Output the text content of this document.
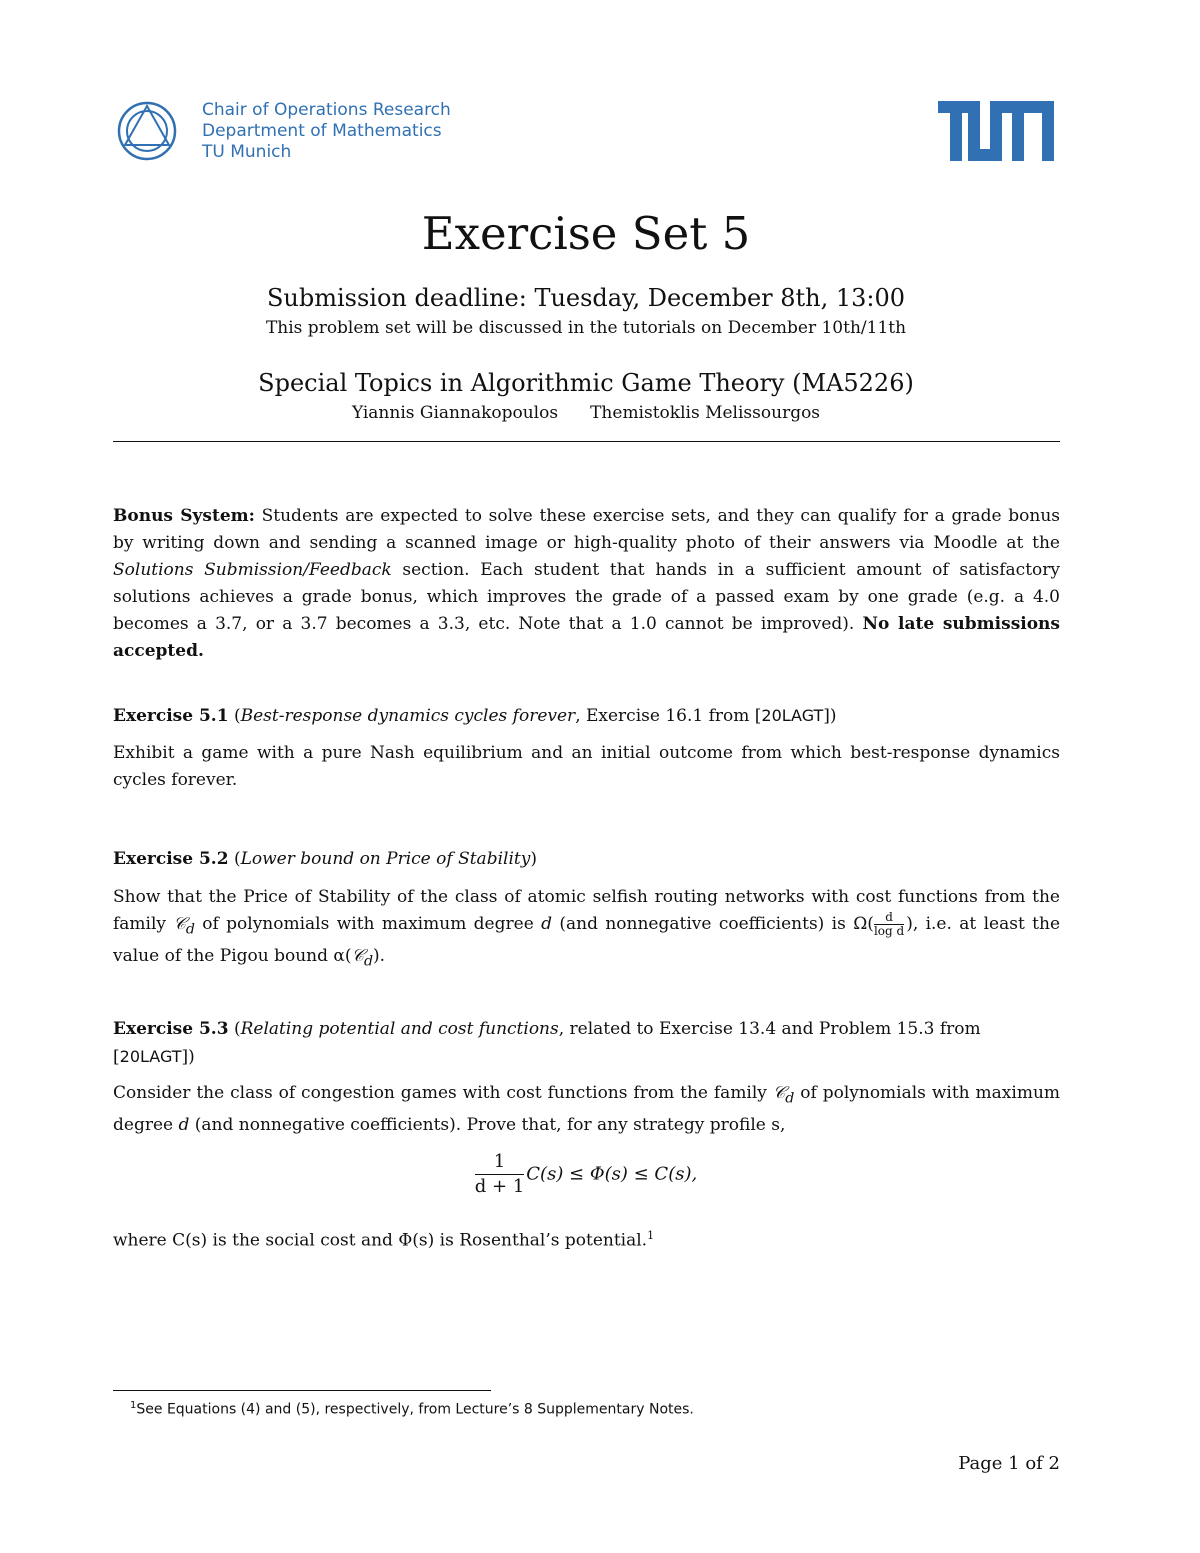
Chair of Operations Research
Department of Mathematics
TU Munich
Exercise Set 5
Submission deadline: Tuesday, December 8th, 13:00
This problem set will be discussed in the tutorials on December 10th/11th
Special Topics in Algorithmic Game Theory (MA5226)
Yiannis Giannakopoulos Themistoklis Melissourgos
Bonus System: Students are expected to solve these exercise sets, and they can qualify for a grade bonus by writing down and sending a scanned image or high-quality photo of their answers via Moodle at the Solutions Submission/Feedback section. Each student that hands in a sufficient amount of satisfactory solutions achieves a grade bonus, which improves the grade of a passed exam by one grade (e.g. a 4.0 becomes a 3.7, or a 3.7 becomes a 3.3, etc. Note that a 1.0 cannot be improved). No late submissions accepted.
Exercise 5.1 (Best-response dynamics cycles forever, Exercise 16.1 from [20LAGT])
Exhibit a game with a pure Nash equilibrium and an initial outcome from which best-response dynamics cycles forever.
Exercise 5.2 (Lower bound on Price of Stability)
Show that the Price of Stability of the class of atomic selfish routing networks with cost functions from the family 𝒞$_d$ of polynomials with maximum degree d (and nonnegative coefficients) is $\Omega( \frac{d}{\text{log d}}$ ), i.e. at least the value of the Pigou bound α(𝒞$_d$).
Exercise 5.3 (Relating potential and cost functions, related to Exercise 13.4 and Problem 15.3 from [20LAGT])
Consider the class of congestion games with cost functions from the family 𝒞$_d$ of polynomials with maximum degree d (and nonnegative coefficients). Prove that, for any strategy profile s,
$\frac{1}{d + 1} C(s) \le \Phi(s) \le C(s)$,
where C(s) is the social cost and Φ(s) is Rosenthal’s potential.$^1$
$^1$See Equations (4) and (5), respectively, from Lecture’s 8 Supplementary Notes.
Page 1 of 2
